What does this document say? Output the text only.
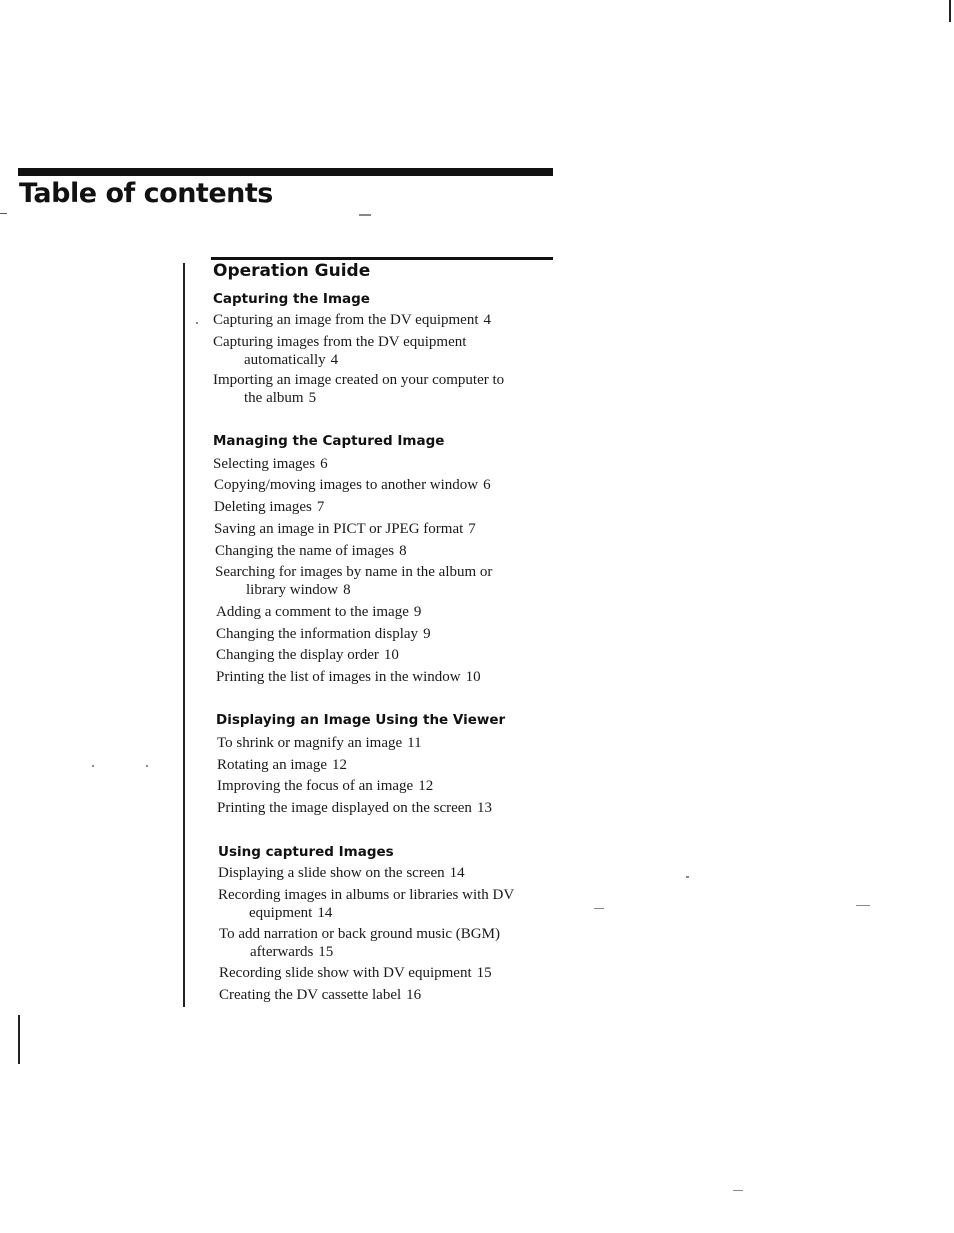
Table of contents
Operation Guide
Capturing the Image
Capturing an image from the DV equipment 4
Capturing images from the DV equipment
automatically 4
Importing an image created on your computer to
the album 5
Managing the Captured Image
Selecting images 6
Copying/moving images to another window 6
Deleting images 7
Saving an image in PICT or JPEG format 7
Changing the name of images 8
Searching for images by name in the album or
library window 8
Adding a comment to the image 9
Changing the information display 9
Changing the display order 10
Printing the list of images in the window 10
Displaying an Image Using the Viewer
To shrink or magnify an image 11
Rotating an image 12
Improving the focus of an image 12
Printing the image displayed on the screen 13
Using captured Images
Displaying a slide show on the screen 14
Recording images in albums or libraries with DV
equipment 14
To add narration or back ground music (BGM)
afterwards 15
Recording slide show with DV equipment 15
Creating the DV cassette label 16
